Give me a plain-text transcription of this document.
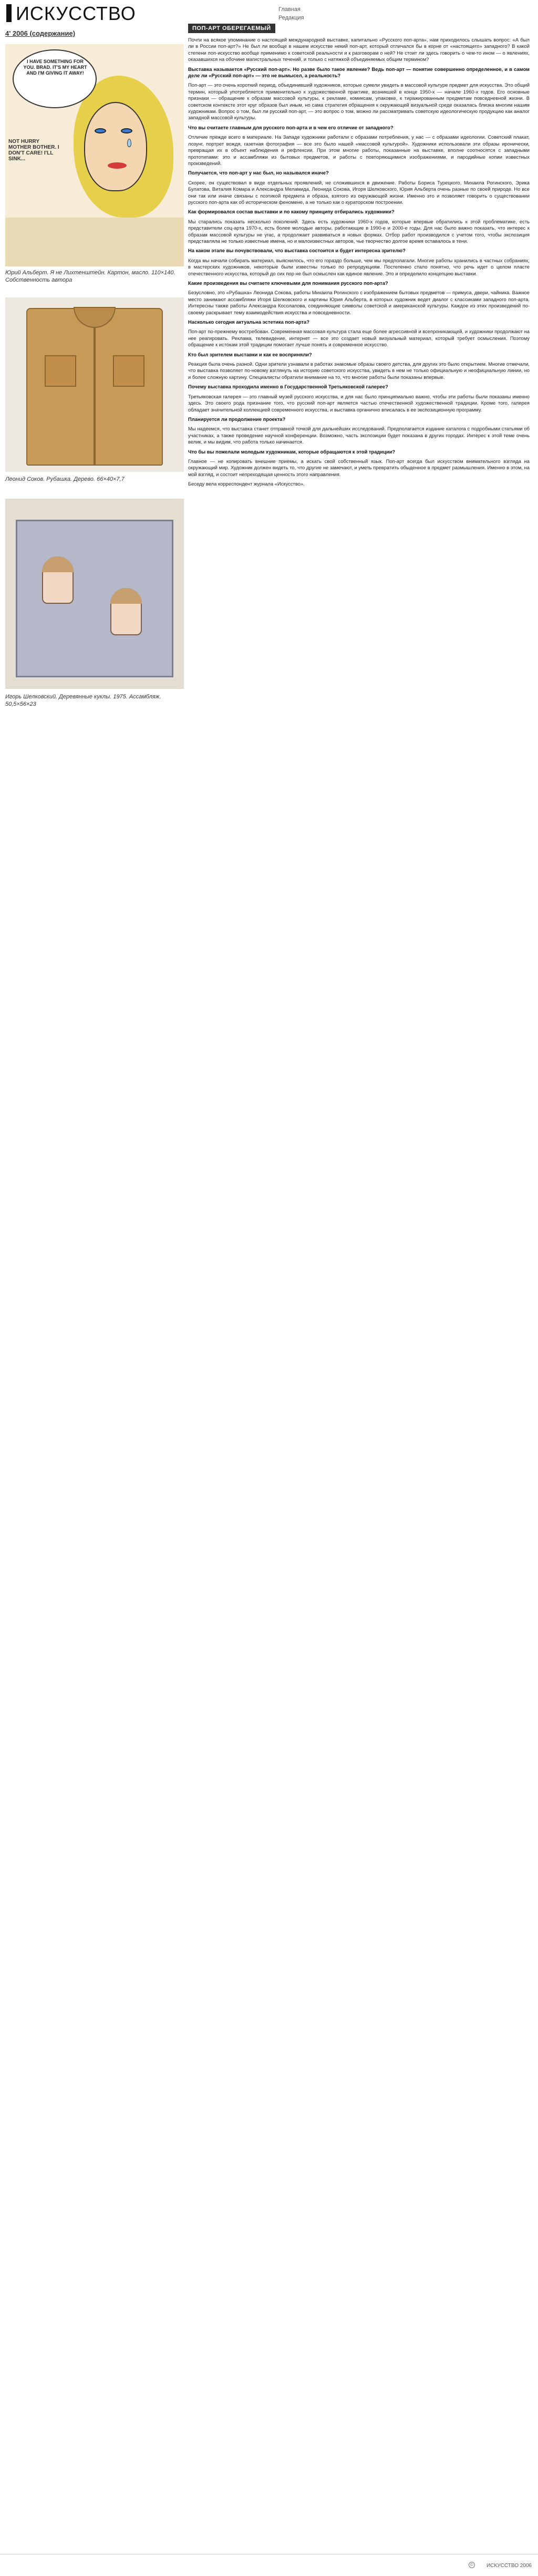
ИСКУССТВО	Главная
Редакция
4' 2006 (содержание)
I HAVE SOMETHING FOR YOU. BRAD. IT'S MY HEART AND I'M GIVING IT AWAY!
NOT HURRY MOTHER BOTHER. I DON'T CARE! I'LL SINK...
Юрий Альберт. Я не Лихтенштейн. Картон, масло. 110×140. Собственность автора
Леонид Соков. Рубашка. Дерево. 66×40×7,7
Игорь Шелковский. Деревянные куклы. 1975. Ассамбляж. 50,5×56×23
ПОП-АРТ ОБЕРЕГАЕМЫЙ

Почти на всякое упоминание о настоящей международной выставке, капитально «Русского поп-арта», нам приходилось слышать вопрос: «А был ли в России поп-арт?» Не был ли вообще в нашем искусстве некий поп-арт, который отличался бы в корне от «настоящего» западного? В какой степени поп-искусство вообще применимо к советской реальности и к разговорам о ней? Не стоит ли здесь говорить о чем-то ином — о явлениях, оказавшихся на обочине магистральных течений, и только с натяжкой объединяемых общим термином?

Выставка называется «Русский поп-арт». Но разве было такое явление? Ведь поп-арт — понятие совершенно определенное, и в самом деле ли «Русский поп-арт» — это не вымысел, а реальность?

Поп-арт — это очень короткий период, объединивший художников, которые сумели увидеть в массовой культуре предмет для искусства. Это общий термин, который употребляется применительно к художественной практике, возникшей в конце 1950-х — начале 1960-х годов. Его основные признаки — обращение к образам массовой культуры, к рекламе, комиксам, упаковке, к тиражированным предметам повседневной жизни. В советском контексте этот круг образов был иным, но сама стратегия обращения к окружающей визуальной среде оказалась близка многим нашим художникам. Вопрос о том, был ли русский поп-арт, — это вопрос о том, можно ли рассматривать советскую идеологическую продукцию как аналог западной массовой культуры.

Что вы считаете главным для русского поп-арта и в чем его отличие от западного?

Отличие прежде всего в материале. На Западе художники работали с образами потребления, у нас — с образами идеологии. Советский плакат, лозунг, портрет вождя, газетная фотография — все это было нашей «массовой культурой». Художники использовали эти образы иронически, превращая их в объект наблюдения и рефлексии. При этом многие работы, показанные на выставке, вполне соотносятся с западными прототипами: это и ассамбляжи из бытовых предметов, и работы с повторяющимися изображениями, и пародийные копии известных произведений.

Получается, что поп-арт у нас был, но назывался иначе?

Скорее, он существовал в виде отдельных проявлений, не сложившихся в движение. Работы Бориса Турецкого, Михаила Рогинского, Эрика Булатова, Виталия Комара и Александра Меламида, Леонида Сокова, Игоря Шелковского, Юрия Альберта очень разные по своей природе. Но все они так или иначе связаны с поэтикой предмета и образа, взятого из окружающей жизни. Именно это и позволяет говорить о существовании русского поп-арта как об историческом феномене, а не только как о кураторском построении.

Как формировался состав выставки и по какому принципу отбирались художники?

Мы старались показать несколько поколений. Здесь есть художники 1960-х годов, которые впервые обратились к этой проблематике, есть представители соц-арта 1970-х, есть более молодые авторы, работающие в 1990-е и 2000-е годы. Для нас было важно показать, что интерес к образам массовой культуры не угас, а продолжает развиваться в новых формах. Отбор работ производился с учетом того, чтобы экспозиция представляла не только известные имена, но и малоизвестных авторов, чье творчество долгое время оставалось в тени.

На каком этапе вы почувствовали, что выставка состоится и будет интересна зрителю?

Когда мы начали собирать материал, выяснилось, что его гораздо больше, чем мы предполагали. Многие работы хранились в частных собраниях, в мастерских художников, некоторые были известны только по репродукциям. Постепенно стало понятно, что речь идет о целом пласте отечественного искусства, который до сих пор не был осмыслен как единое явление. Это и определило концепцию выставки.

Какие произведения вы считаете ключевыми для понимания русского поп-арта?

Безусловно, это «Рубашка» Леонида Сокова, работы Михаила Рогинского с изображением бытовых предметов — примуса, двери, чайника. Важное место занимают ассамбляжи Игоря Шелковского и картины Юрия Альберта, в которых художник ведет диалог с классиками западного поп-арта. Интересны также работы Александра Косолапова, соединяющие символы советской и американской культуры. Каждое из этих произведений по-своему раскрывает тему взаимодействия искусства и повседневности.

Насколько сегодня актуальна эстетика поп-арта?

Поп-арт по-прежнему востребован. Современная массовая культура стала еще более агрессивной и всепроникающей, и художники продолжают на нее реагировать. Реклама, телевидение, интернет — все это создает новый визуальный материал, который требует осмысления. Поэтому обращение к истокам этой традиции помогает лучше понять и современное искусство.

Кто был зрителем выставки и как ее восприняли?

Реакция была очень разной. Одни зрители узнавали в работах знакомые образы своего детства, для других это было открытием. Многие отмечали, что выставка позволяет по-новому взглянуть на историю советского искусства, увидеть в нем не только официальную и неофициальную линии, но и более сложную картину. Специалисты обратили внимание на то, что многие работы были показаны впервые.

Почему выставка проходила именно в Государственной Третьяковской галерее?

Третьяковская галерея — это главный музей русского искусства, и для нас было принципиально важно, чтобы эти работы были показаны именно здесь. Это своего рода признание того, что русский поп-арт является частью отечественной художественной традиции. Кроме того, галерея обладает значительной коллекцией современного искусства, и выставка органично вписалась в ее экспозиционную программу.

Планируется ли продолжение проекта?

Мы надеемся, что выставка станет отправной точкой для дальнейших исследований. Предполагается издание каталога с подробными статьями об участниках, а также проведение научной конференции. Возможно, часть экспозиции будет показана в других городах. Интерес к этой теме очень велик, и мы видим, что работа только начинается.

Что бы вы пожелали молодым художникам, которые обращаются к этой традиции?

Главное — не копировать внешние приемы, а искать свой собственный язык. Поп-арт всегда был искусством внимательного взгляда на окружающий мир. Художник должен видеть то, что другие не замечают, и уметь превратить обыденное в предмет размышления. Именно в этом, на мой взгляд, и состоит непреходящая ценность этого направления.

Беседу вела корреспондент журнала «Искусство».

©	ИСКУССТВО 2006
